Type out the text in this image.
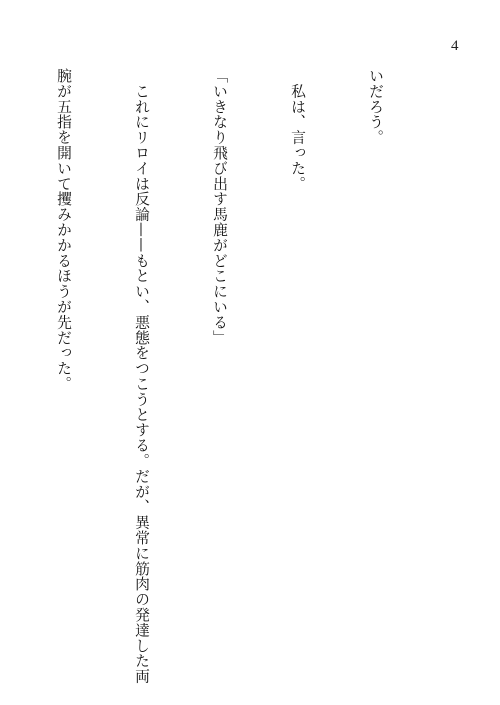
4

いだろう。

　私は、言った。

「いきなり飛び出す馬鹿がどこにいる」

　これにリロイは反論——もとい、悪態をつこうとする。だが、異常に筋肉の発達した両

腕が五指を開いて攫みかかるほうが先だった。
